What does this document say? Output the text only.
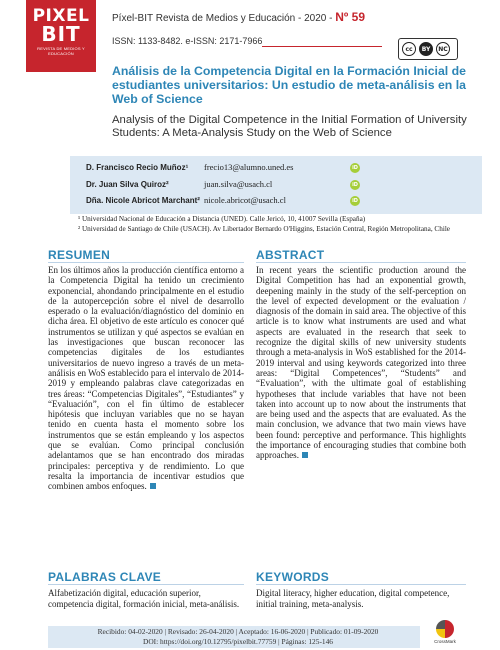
PIXEL
BIT
REVISTA DE MEDIOS Y EDUCACIÓN
Píxel-BIT Revista de Medios y Educación - 2020 - Nº 59
ISSN: 1133-8482. e-ISSN: 2171-7966
cc	BY	NC
Análisis de la Competencia Digital en la Formación Inicial de estudiantes universitarios: Un estudio de meta-análisis en la Web of Science
Analysis of the Digital Competence in the Initial Formation of University Students: A Meta-Analysis Study on the Web of Science
D. Francisco Recio Muñoz¹ frecio13@alumno.uned.es	iD
Dr. Juan Silva Quiroz²	juan.silva@usach.cl	iD
Dña. Nicole Abricot Marchant² nicole.abricot@usach.cl	iD
¹ Universidad Nacional de Educación a Distancia (UNED). Calle Jericó, 10, 41007 Sevilla (España)
² Universidad de Santiago de Chile (USACH). Av Libertador Bernardo O'Higgins, Estación Central, Región Metropolitana, Chile
RESUMEN
En los últimos años la producción científica entorno a la Competencia Digital ha tenido un crecimiento exponencial, ahondando principalmente en el estudio de la autopercepción sobre el nivel de desarrollo esperado o la evaluación/diagnóstico del dominio en dicha área. El objetivo de este artículo es conocer qué instrumentos se utilizan y qué aspectos se evalúan en las investigaciones que buscan reconocer las competencias digitales de los estudiantes universitarios de nuevo ingreso a través de un meta-análisis en WoS establecido para el intervalo de 2014-2019 y empleando palabras clave categorizadas en tres áreas: “Competencias Digitales”, “Estudiantes” y “Evaluación”, con el fin último de establecer hipótesis que incluyan variables que no se hayan tenido en cuenta hasta el momento sobre los instrumentos que se están empleando y los aspectos que se evalúan. Como principal conclusión adelantamos que se han encontrado dos miradas principales: perceptiva y de rendimiento. Lo que resalta la importancia de incentivar estudios que combinen ambos enfoques.
ABSTRACT
In recent years the scientific production around the Digital Competition has had an exponential growth, deepening mainly in the study of the self-perception on the level of expected development or the evaluation / diagnosis of the domain in said area. The objective of this article is to know what instruments are used and what aspects are evaluated in the research that seek to recognize the digital skills of new university students through a meta-analysis in WoS established for the 2014-2019 interval and using keywords categorized into three areas: “Digital Competences”, “Students” and “Evaluation”, with the ultimate goal of establishing hypotheses that include variables that have not been taken into account up to now about the instruments that are being used and the aspects that are evaluated. As the main conclusion, we advance that two main views have been found: perceptive and performance. This highlights the importance of encouraging studies that combine both approaches.
PALABRAS CLAVE
Alfabetización digital, educación superior, competencia digital, formación inicial, meta-análisis.
KEYWORDS
Digital literacy, higher education, digital competence, initial training, meta-analysis.
Recibido: 04-02-2020 | Revisado: 26-04-2020 | Aceptado: 16-06-2020 | Publicado: 01-09-2020
DOI: https://doi.org/10.12795/pixelbit.77759 | Páginas: 125-146	CrossMark
